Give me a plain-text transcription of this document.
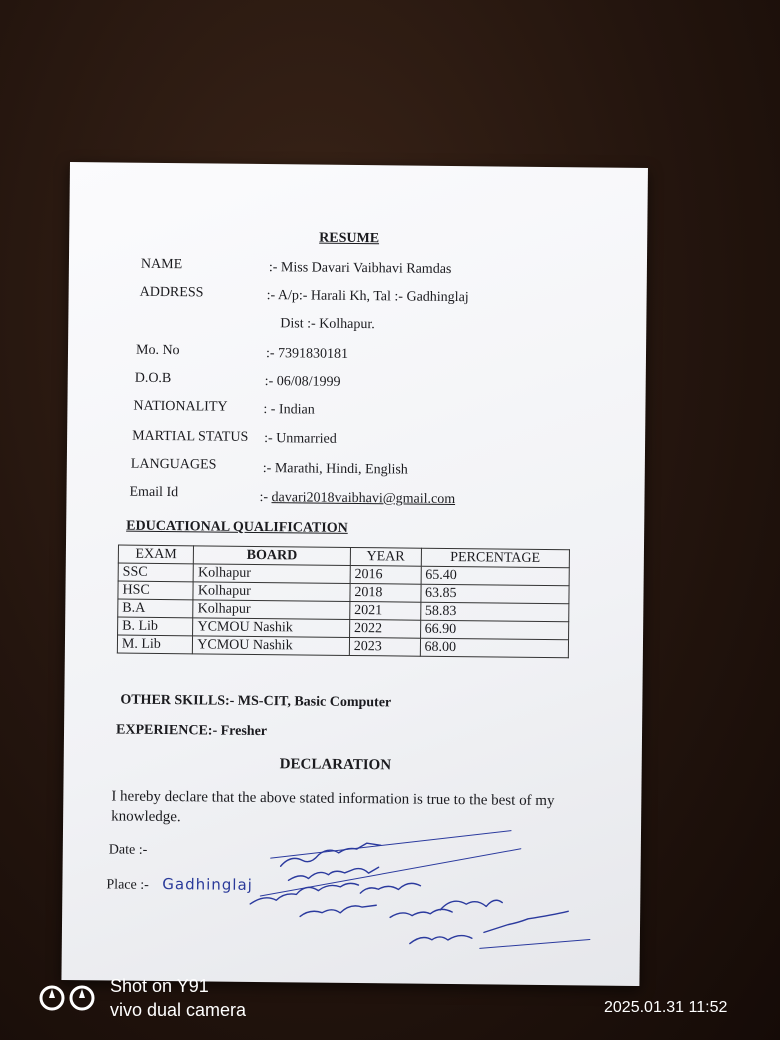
RESUME
NAME	:- Miss Davari Vaibhavi Ramdas
ADDRESS	:- A/p:- Harali Kh, Tal :- Gadhinglaj
Dist :- Kolhapur.
Mo. No	:- 7391830181
D.O.B	:- 06/08/1999
NATIONALITY	: - Indian
MARTIAL STATUS :- Unmarried
LANGUAGES	:- Marathi, Hindi, English
Email Id	:- davari2018vaibhavi@gmail.com
EDUCATIONAL QUALIFICATION
EXAM	BOARD	YEAR	PERCENTAGE
SSC	Kolhapur	2016	65.40
HSC	Kolhapur	2018	63.85
B.A	Kolhapur	2021	58.83
B. Lib	YCMOU Nashik	2022	66.90
M. Lib	YCMOU Nashik	2023	68.00
OTHER SKILLS:- MS-CIT, Basic Computer
EXPERIENCE:- Fresher
DECLARATION
I hereby declare that the above stated information is true to the best of my knowledge.
Date :-
Place :- Gadhinglaj
Shot on Y91
vivo dual camera	2025.01.31 11:52
